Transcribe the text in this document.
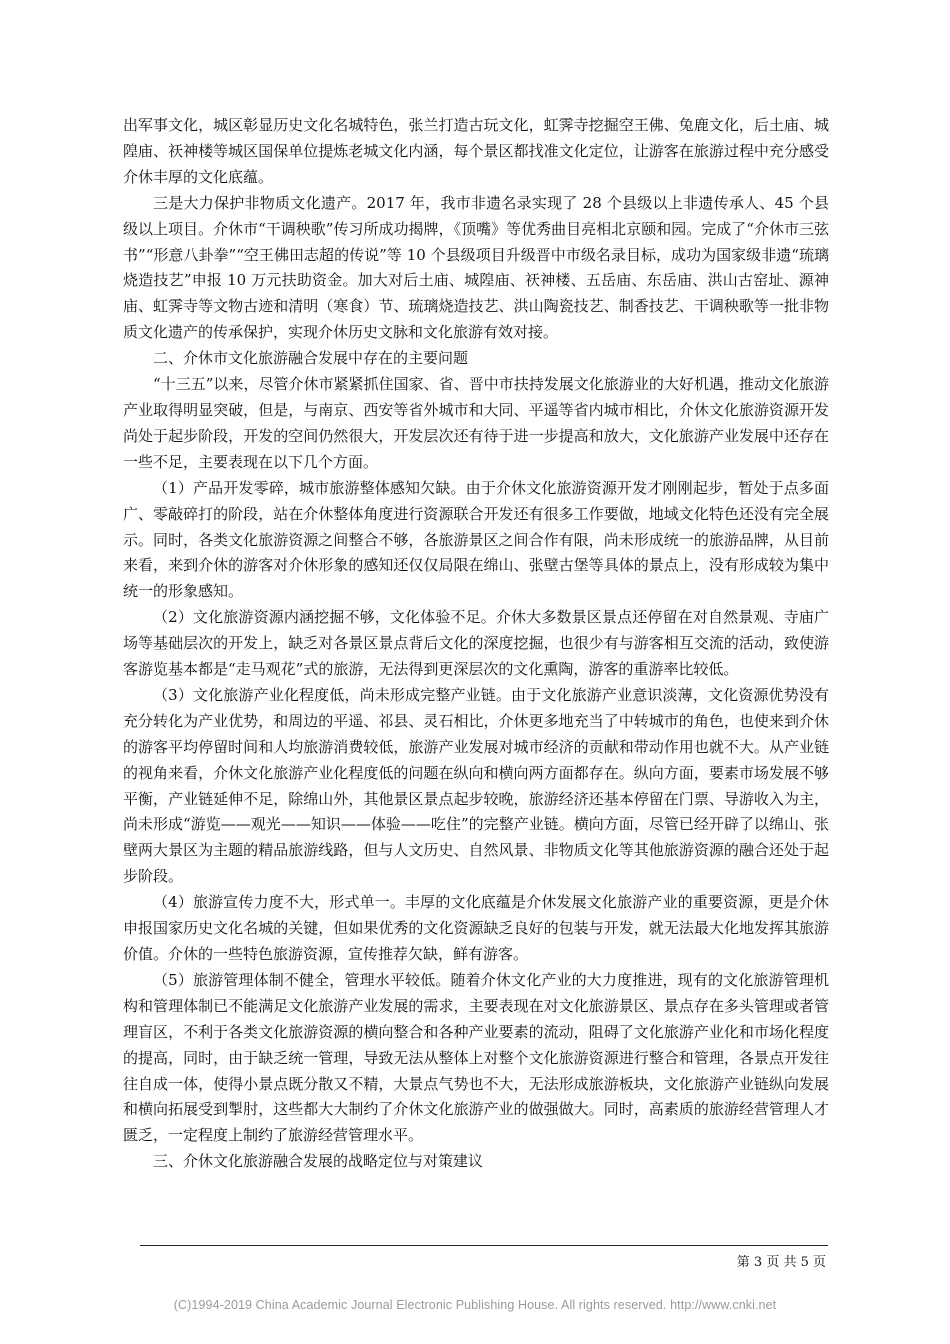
出军事文化，城区彰显历史文化名城特色，张兰打造古玩文化，虹霁寺挖掘空王佛、兔鹿文化，后土庙、城隍庙、祆神楼等城区国保单位提炼老城文化内涵，每个景区都找准文化定位，让游客在旅游过程中充分感受介休丰厚的文化底蕴。

三是大力保护非物质文化遗产。2017 年，我市非遗名录实现了 28 个县级以上非遗传承人、45 个县级以上项目。介休市“干调秧歌”传习所成功揭牌，《顶嘴》等优秀曲目亮相北京颐和园。完成了“介休市三弦书”“形意八卦拳”“空王佛田志超的传说”等 10 个县级项目升级晋中市级名录目标，成功为国家级非遗“琉璃烧造技艺”申报 10 万元扶助资金。加大对后土庙、城隍庙、祆神楼、五岳庙、东岳庙、洪山古窑址、源神庙、虹霁寺等文物古迹和清明（寒食）节、琉璃烧造技艺、洪山陶瓷技艺、制香技艺、干调秧歌等一批非物质文化遗产的传承保护，实现介休历史文脉和文化旅游有效对接。

二、介休市文化旅游融合发展中存在的主要问题

“十三五”以来，尽管介休市紧紧抓住国家、省、晋中市扶持发展文化旅游业的大好机遇，推动文化旅游产业取得明显突破，但是，与南京、西安等省外城市和大同、平遥等省内城市相比，介休文化旅游资源开发尚处于起步阶段，开发的空间仍然很大，开发层次还有待于进一步提高和放大，文化旅游产业发展中还存在一些不足，主要表现在以下几个方面。

（1）产品开发零碎，城市旅游整体感知欠缺。由于介休文化旅游资源开发才刚刚起步，暂处于点多面广、零敲碎打的阶段，站在介休整体角度进行资源联合开发还有很多工作要做，地域文化特色还没有完全展示。同时，各类文化旅游资源之间整合不够，各旅游景区之间合作有限，尚未形成统一的旅游品牌，从目前来看，来到介休的游客对介休形象的感知还仅仅局限在绵山、张壁古堡等具体的景点上，没有形成较为集中统一的形象感知。

（2）文化旅游资源内涵挖掘不够，文化体验不足。介休大多数景区景点还停留在对自然景观、寺庙广场等基础层次的开发上，缺乏对各景区景点背后文化的深度挖掘，也很少有与游客相互交流的活动，致使游客游览基本都是“走马观花”式的旅游，无法得到更深层次的文化熏陶，游客的重游率比较低。

（3）文化旅游产业化程度低，尚未形成完整产业链。由于文化旅游产业意识淡薄，文化资源优势没有充分转化为产业优势，和周边的平遥、祁县、灵石相比，介休更多地充当了中转城市的角色，也使来到介休的游客平均停留时间和人均旅游消费较低，旅游产业发展对城市经济的贡献和带动作用也就不大。从产业链的视角来看，介休文化旅游产业化程度低的问题在纵向和横向两方面都存在。纵向方面，要素市场发展不够平衡，产业链延伸不足，除绵山外，其他景区景点起步较晚，旅游经济还基本停留在门票、导游收入为主，尚未形成“游览——观光——知识——体验——吃住”的完整产业链。横向方面，尽管已经开辟了以绵山、张壁两大景区为主题的精品旅游线路，但与人文历史、自然风景、非物质文化等其他旅游资源的融合还处于起步阶段。

（4）旅游宣传力度不大，形式单一。丰厚的文化底蕴是介休发展文化旅游产业的重要资源，更是介休申报国家历史文化名城的关键，但如果优秀的文化资源缺乏良好的包装与开发，就无法最大化地发挥其旅游价值。介休的一些特色旅游资源，宣传推荐欠缺，鲜有游客。

（5）旅游管理体制不健全，管理水平较低。随着介休文化产业的大力度推进，现有的文化旅游管理机构和管理体制已不能满足文化旅游产业发展的需求，主要表现在对文化旅游景区、景点存在多头管理或者管理盲区，不利于各类文化旅游资源的横向整合和各种产业要素的流动，阻碍了文化旅游产业化和市场化程度的提高，同时，由于缺乏统一管理，导致无法从整体上对整个文化旅游资源进行整合和管理，各景点开发往往自成一体，使得小景点既分散又不精，大景点气势也不大，无法形成旅游板块，文化旅游产业链纵向发展和横向拓展受到掣肘，这些都大大制约了介休文化旅游产业的做强做大。同时，高素质的旅游经营管理人才匮乏，一定程度上制约了旅游经营管理水平。

三、介休文化旅游融合发展的战略定位与对策建议

第 3 页 共 5 页
(C)1994-2019 China Academic Journal Electronic Publishing House. All rights reserved. http://www.cnki.net
